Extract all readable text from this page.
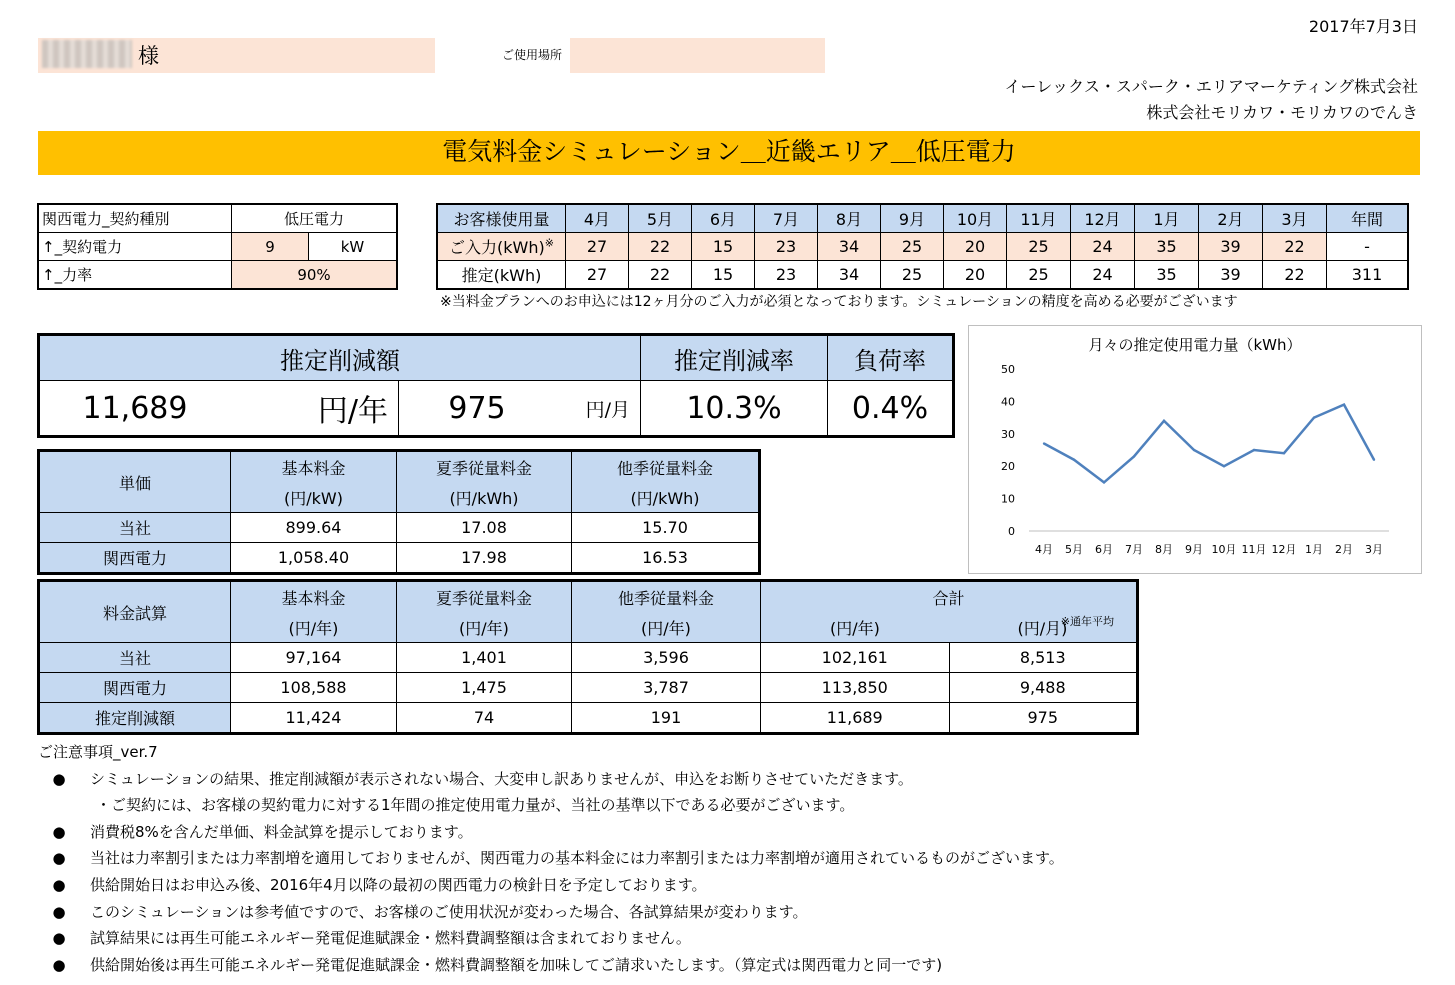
2017年7月3日
様	ご使用場所
イーレックス・スパーク・エリアマーケティング株式会社
株式会社モリカワ・モリカワのでんき
電気料金シミュレーション＿近畿エリア＿低圧電力
関西電力_契約種別	低圧電力	
↑_契約電力	9	kW
↑_力率	90%	
お客様使用量	4月	5月	6月	7月	8月	9月	10月	11月	12月	1月	2月	3月	年間
ご入力(kWh)※	27	22	15	23	34	25	20	25	24	35	39	22	-
推定(kWh)	27	22	15	23	34	25	20	25	24	35	39	22	311
※当料金プランへのお申込には12ヶ月分のご入力が必須となっております。シミュレーションの精度を高める必要がございます
推定削減額				推定削減率	負荷率
11,689	円/年	975	円/月	10.3%	0.4%
単価	基本料金	夏季従量料金	他季従量料金
	(円/kW)	(円/kWh)	(円/kWh)
当社	899.64	17.08	15.70
関西電力	1,058.40	17.98	16.53
料金試算	基本料金	夏季従量料金	他季従量料金	合計	
	(円/年)	(円/年)	(円/年)	(円/年)	(円/月)
※通年平均

当社	97,164	1,401	3,596	102,161	8,513
関西電力	108,588	1,475	3,787	113,850	9,488
推定削減額	11,424	74	191	11,689	975
月々の推定使用電力量（kWh）
0
10
20
30
40
50
4月 5月 6月 7月 8月 9月 10月 11月 12月 1月 2月 3月
ご注意事項_ver.7
● シミュレーションの結果、推定削減額が表示されない場合、大変申し訳ありませんが、申込をお断りさせていただきます。
・ご契約には、お客様の契約電力に対する1年間の推定使用電力量が、当社の基準以下である必要がございます。
● 消費税8%を含んだ単価、料金試算を提示しております。
● 当社は力率割引または力率割増を適用しておりませんが、関西電力の基本料金には力率割引または力率割増が適用されているものがございます。
● 供給開始日はお申込み後、2016年4月以降の最初の関西電力の検針日を予定しております。
● このシミュレーションは参考値ですので、お客様のご使用状況が変わった場合、各試算結果が変わります。
● 試算結果には再生可能エネルギー発電促進賦課金・燃料費調整額は含まれておりません。
● 供給開始後は再生可能エネルギー発電促進賦課金・燃料費調整額を加味してご請求いたします。（算定式は関西電力と同一です)
